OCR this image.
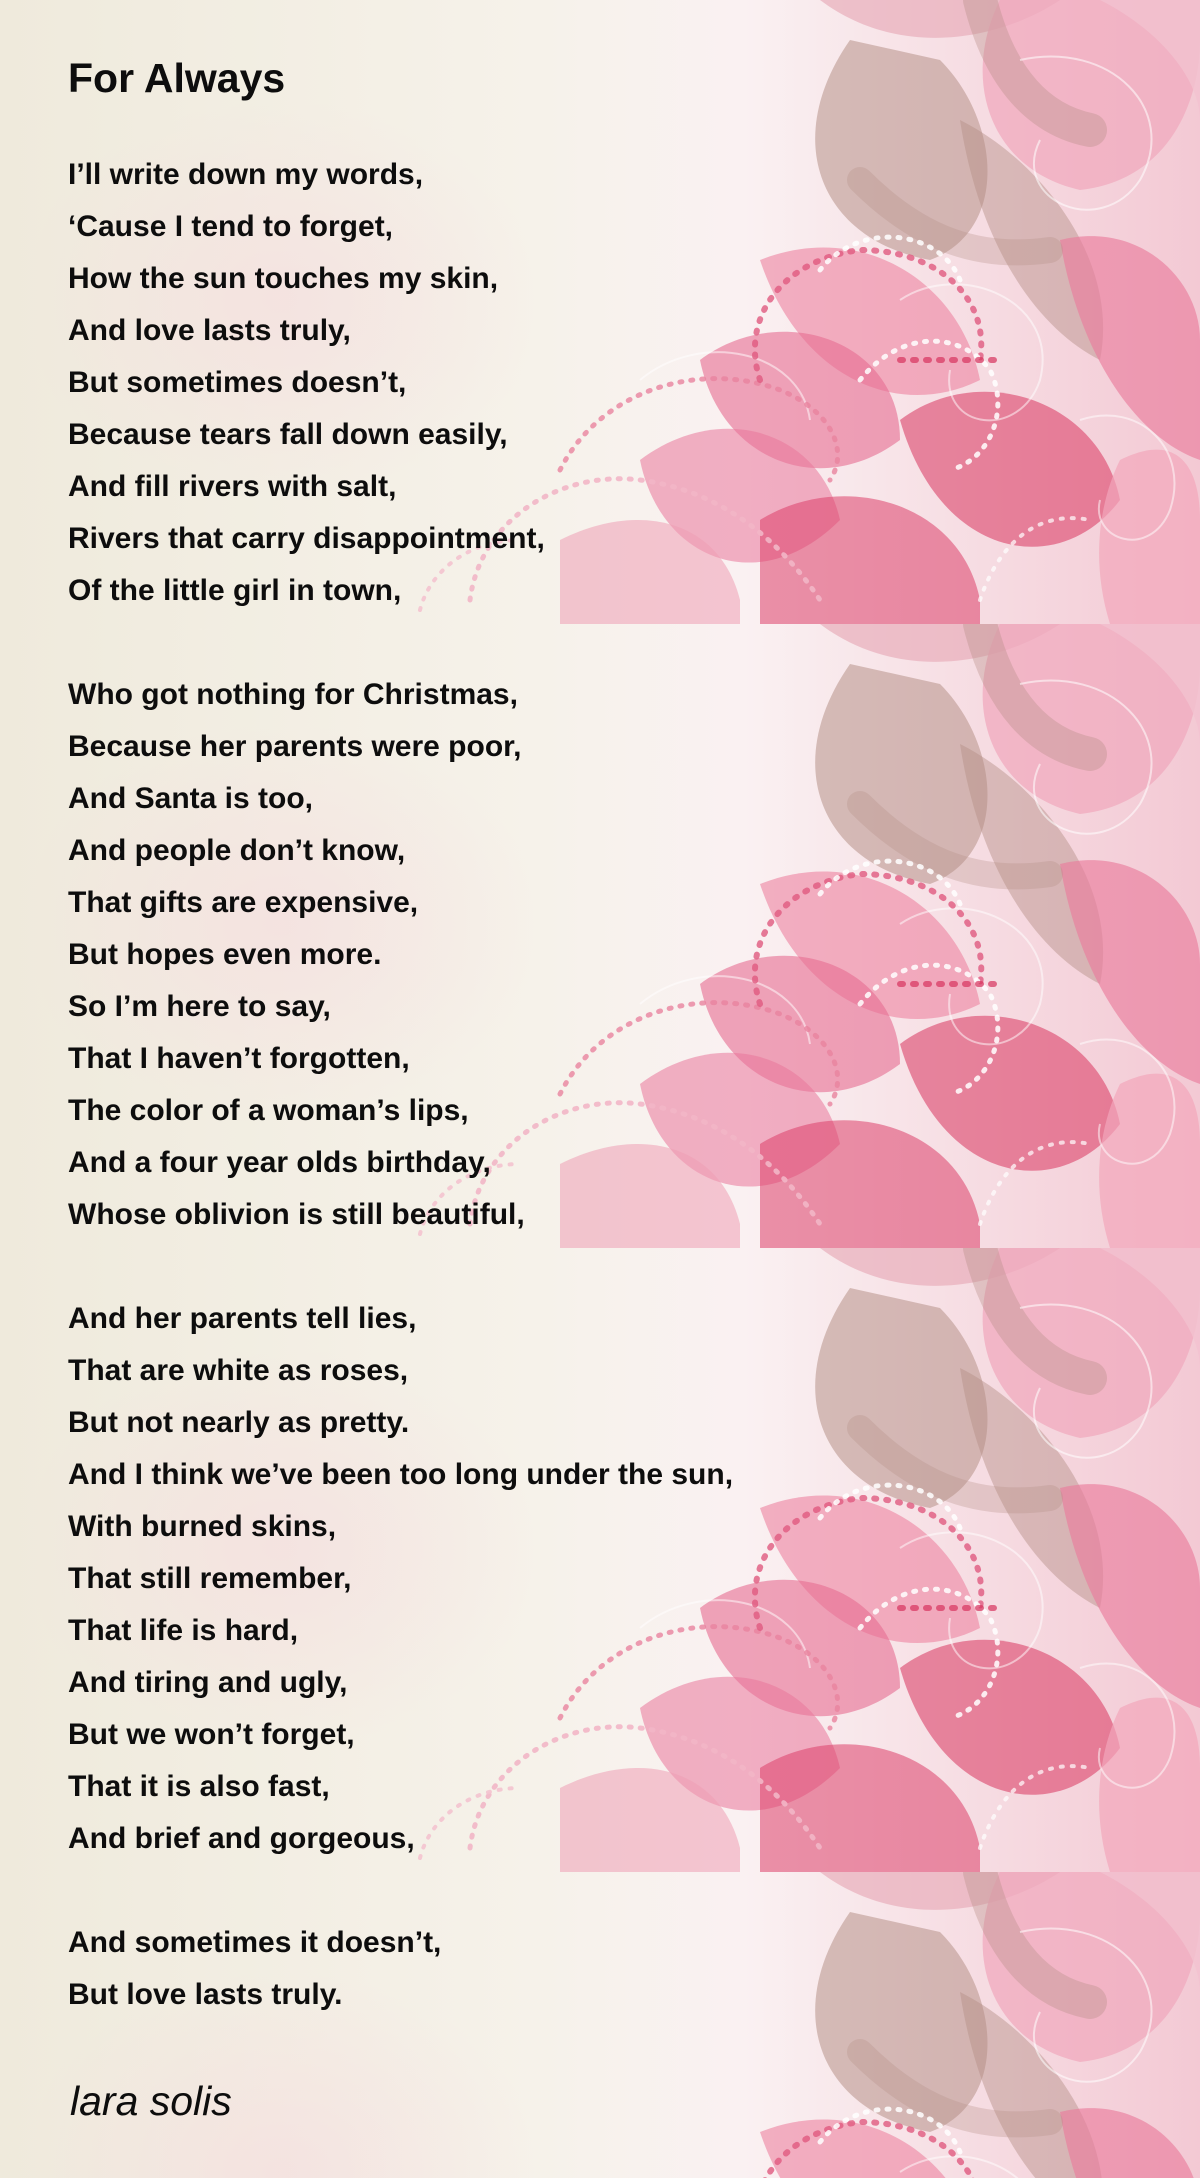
For Always
I’ll write down my words,
‘Cause I tend to forget,
How the sun touches my skin,
And love lasts truly,
But sometimes doesn’t,
Because tears fall down easily,
And fill rivers with salt,
Rivers that carry disappointment,
Of the little girl in town,
Who got nothing for Christmas,
Because her parents were poor,
And Santa is too,
And people don’t know,
That gifts are expensive,
But hopes even more.
So I’m here to say,
That I haven’t forgotten,
The color of a woman’s lips,
And a four year olds birthday,
Whose oblivion is still beautiful,
And her parents tell lies,
That are white as roses,
But not nearly as pretty.
And I think we’ve been too long under the sun,
With burned skins,
That still remember,
That life is hard,
And tiring and ugly,
But we won’t forget,
That it is also fast,
And brief and gorgeous,
And sometimes it doesn’t,
But love lasts truly.
lara solis
